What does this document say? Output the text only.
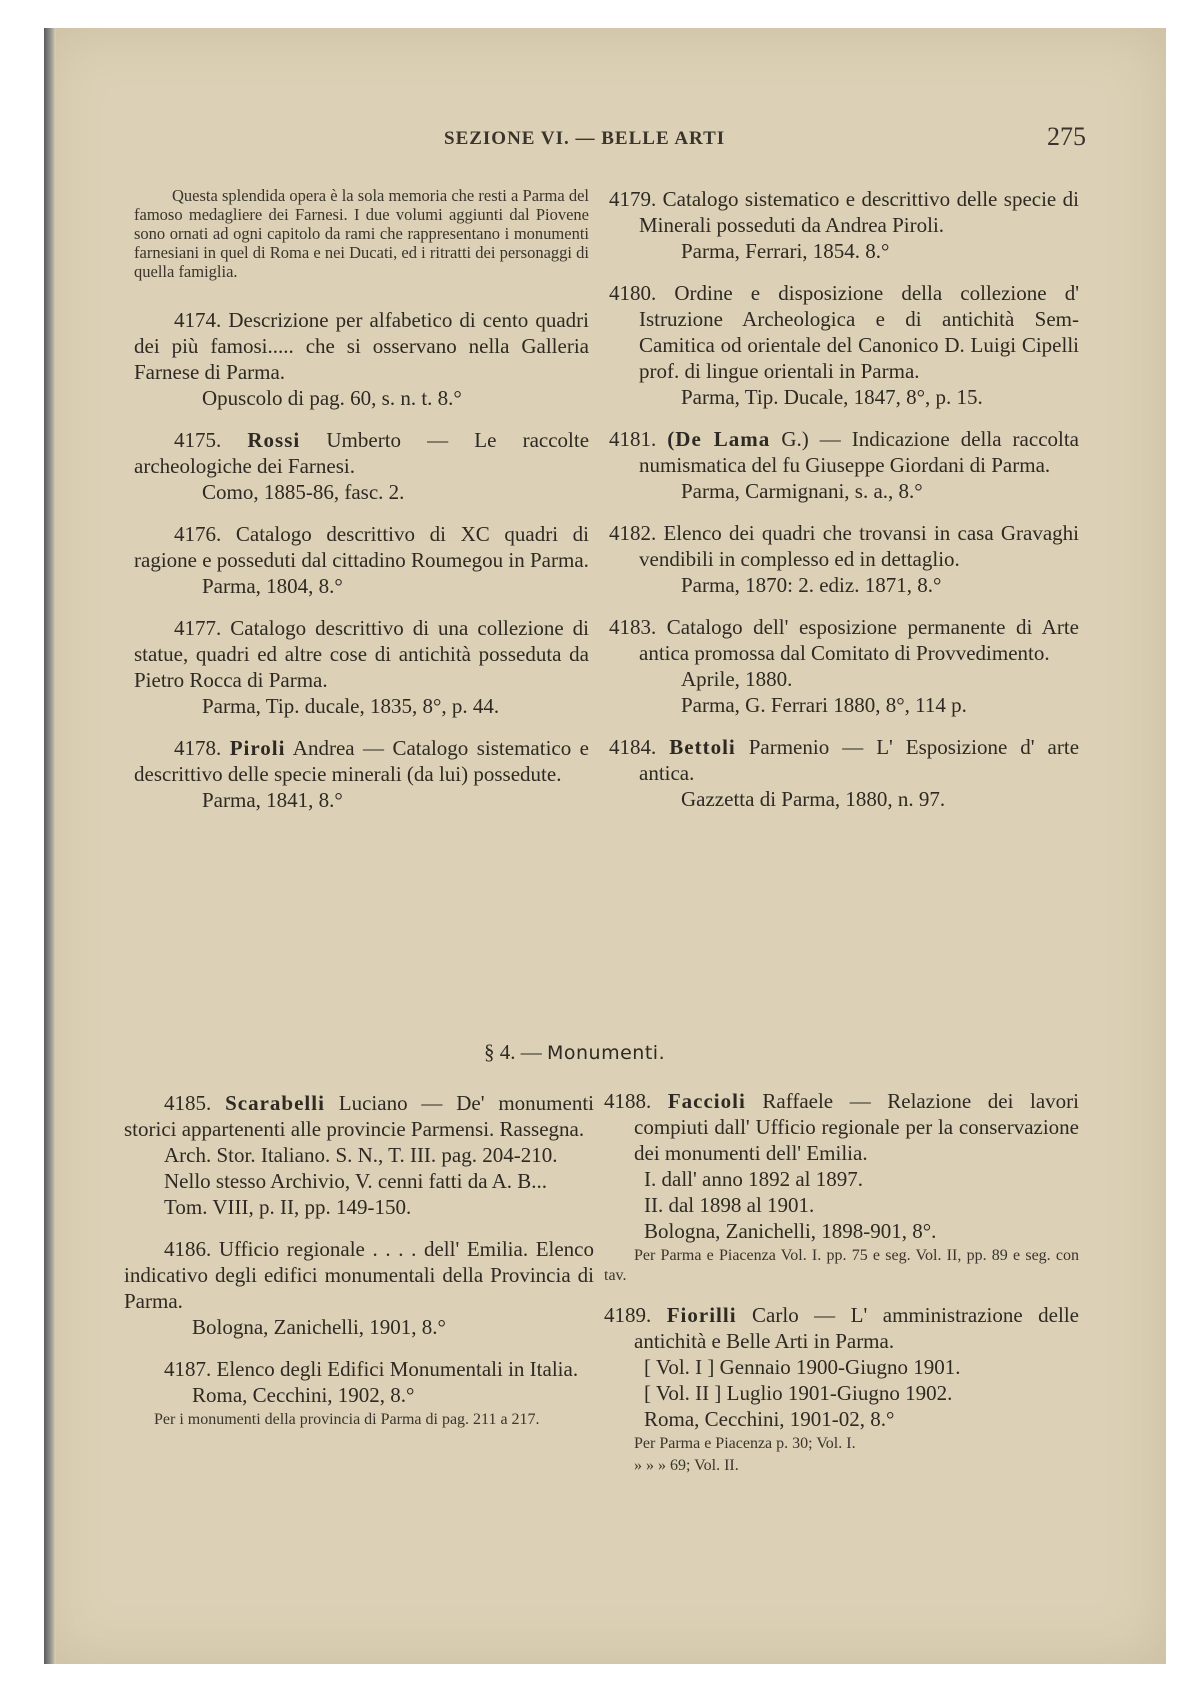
SEZIONE VI. — BELLE ARTI	275

Questa splendida opera è la sola memoria che resti a Parma del famoso medagliere dei Farnesi. I due volumi aggiunti dal Piovene sono ornati ad ogni capitolo da rami che rappresentano i monumenti farnesiani in quel di Roma e nei Ducati, ed i ritratti dei personaggi di quella famiglia.

4174. Descrizione per alfabetico di cento quadri dei più famosi..... che si osservano nella Galleria Farnese di Parma.

Opuscolo di pag. 60, s. n. t. 8.°

4175. Rossi Umberto — Le raccolte archeologiche dei Farnesi.

Como, 1885-86, fasc. 2.

4176. Catalogo descrittivo di XC quadri di ragione e posseduti dal cittadino Roumegou in Parma.

Parma, 1804, 8.°

4177. Catalogo descrittivo di una collezione di statue, quadri ed altre cose di antichità posseduta da Pietro Rocca di Parma.

Parma, Tip. ducale, 1835, 8°, p. 44.

4178. Piroli Andrea — Catalogo sistematico e descrittivo delle specie minerali (da lui) possedute.

Parma, 1841, 8.°

4179. Catalogo sistematico e descrittivo delle specie di Minerali posseduti da Andrea Piroli.

Parma, Ferrari, 1854. 8.°

4180. Ordine e disposizione della collezione d' Istruzione Archeologica e di antichità Sem-Camitica od orientale del Canonico D. Luigi Cipelli prof. di lingue orientali in Parma.

Parma, Tip. Ducale, 1847, 8°, p. 15.

4181. (De Lama G.) — Indicazione della raccolta numismatica del fu Giuseppe Giordani di Parma.

Parma, Carmignani, s. a., 8.°

4182. Elenco dei quadri che trovansi in casa Gravaghi vendibili in complesso ed in dettaglio.

Parma, 1870: 2. ediz. 1871, 8.°

4183. Catalogo dell' esposizione permanente di Arte antica promossa dal Comitato di Provvedimento.

Aprile, 1880.

Parma, G. Ferrari 1880, 8°, 114 p.

4184. Bettoli Parmenio — L' Esposizione d' arte antica.

Gazzetta di Parma, 1880, n. 97.

§ 4. — Monumenti.

4185. Scarabelli Luciano — De' monumenti storici appartenenti alle provincie Parmensi. Rassegna.

Arch. Stor. Italiano. S. N., T. III. pag. 204-210.

Nello stesso Archivio, V. cenni fatti da A. B... Tom. VIII, p. II, pp. 149-150.

4186. Ufficio regionale . . . . dell' Emilia. Elenco indicativo degli edifici monumentali della Provincia di Parma.

Bologna, Zanichelli, 1901, 8.°

4187. Elenco degli Edifici Monumentali in Italia.

Roma, Cecchini, 1902, 8.°

Per i monumenti della provincia di Parma di pag. 211 a 217.

4188. Faccioli Raffaele — Relazione dei lavori compiuti dall' Ufficio regionale per la conservazione dei monumenti dell' Emilia.

I. dall' anno 1892 al 1897.

II. dal 1898 al 1901.

Bologna, Zanichelli, 1898-901, 8°.

Per Parma e Piacenza Vol. I. pp. 75 e seg. Vol. II, pp. 89 e seg. con tav.

4189. Fiorilli Carlo — L' amministrazione delle antichità e Belle Arti in Parma.

[ Vol. I ] Gennaio 1900-Giugno 1901.

[ Vol. II ] Luglio 1901-Giugno 1902.

Roma, Cecchini, 1901-02, 8.°

Per Parma e Piacenza p. 30; Vol. I.

» » » 69; Vol. II.
